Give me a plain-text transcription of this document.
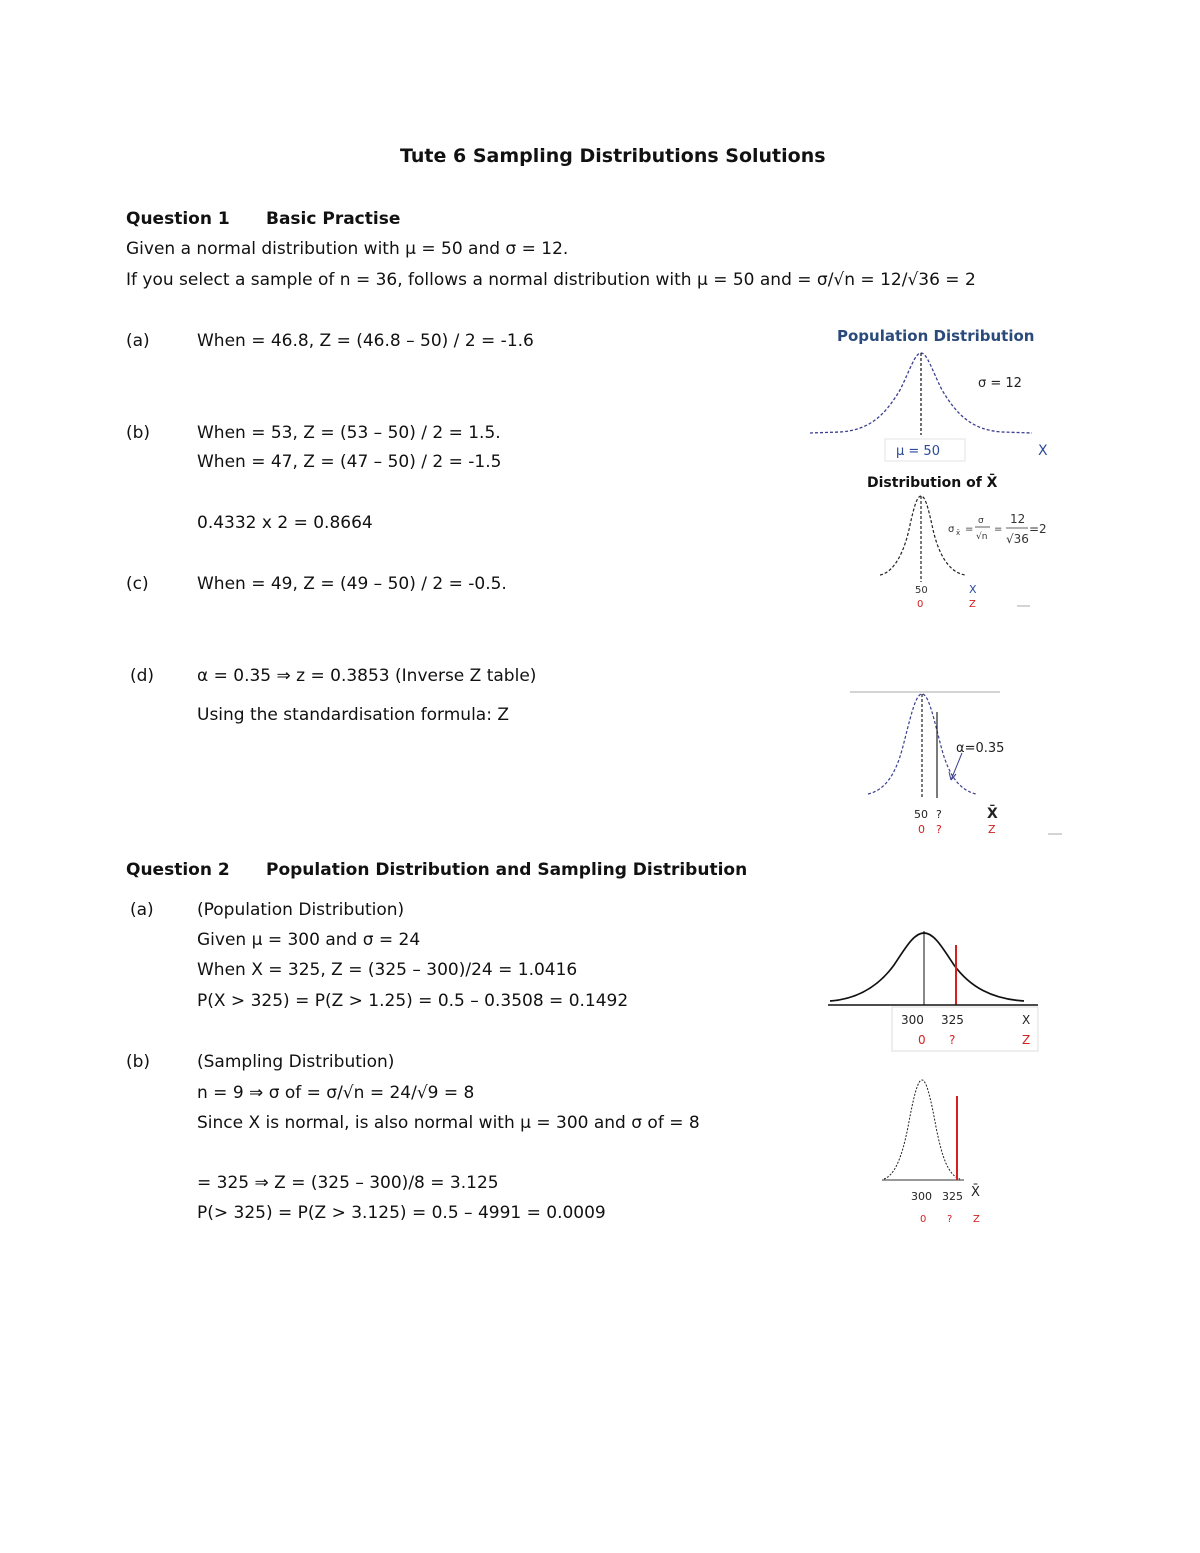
Tute 6 Sampling Distributions Solutions
Question 1 Basic Practise
Given a normal distribution with μ = 50 and σ = 12.
If you select a sample of n = 36, follows a normal distribution with μ = 50 and = σ/√n = 12/√36 = 2
(a)	When = 46.8, Z = (46.8 – 50) / 2 = -1.6
(b)	When = 53, Z = (53 – 50) / 2 = 1.5.
When = 47, Z = (47 – 50) / 2 = -1.5
0.4332 x 2 = 0.8664
(c)	When = 49, Z = (49 – 50) / 2 = -0.5.
(d)	α = 0.35 ⇒ z = 0.3853 (Inverse Z table)
Using the standardisation formula: Z
Question 2 Population Distribution and Sampling Distribution
(a)	(Population Distribution)
Given μ = 300 and σ = 24
When X = 325, Z = (325 – 300)/24 = 1.0416
P(X > 325) = P(Z > 1.25) = 0.5 – 0.3508 = 0.1492
(b)	(Sampling Distribution)
n = 9 ⇒ σ of = σ/√n = 24/√9 = 8
Since X is normal, is also normal with μ = 300 and σ of = 8
= 325 ⇒ Z = (325 – 300)/8 = 3.125
P(> 325) = P(Z > 3.125) = 0.5 – 4991 = 0.0009
Population Distribution
σ = 12
μ = 50	X
Distribution of X̄
σ x̄ =
σ
√n
=
12
√36
=2
50	X
0	Z
α=0.35
50 ?	X̄
0 ?	Z
300 325	X
0 ?	Z
300 325 X̄
0 ? Z
